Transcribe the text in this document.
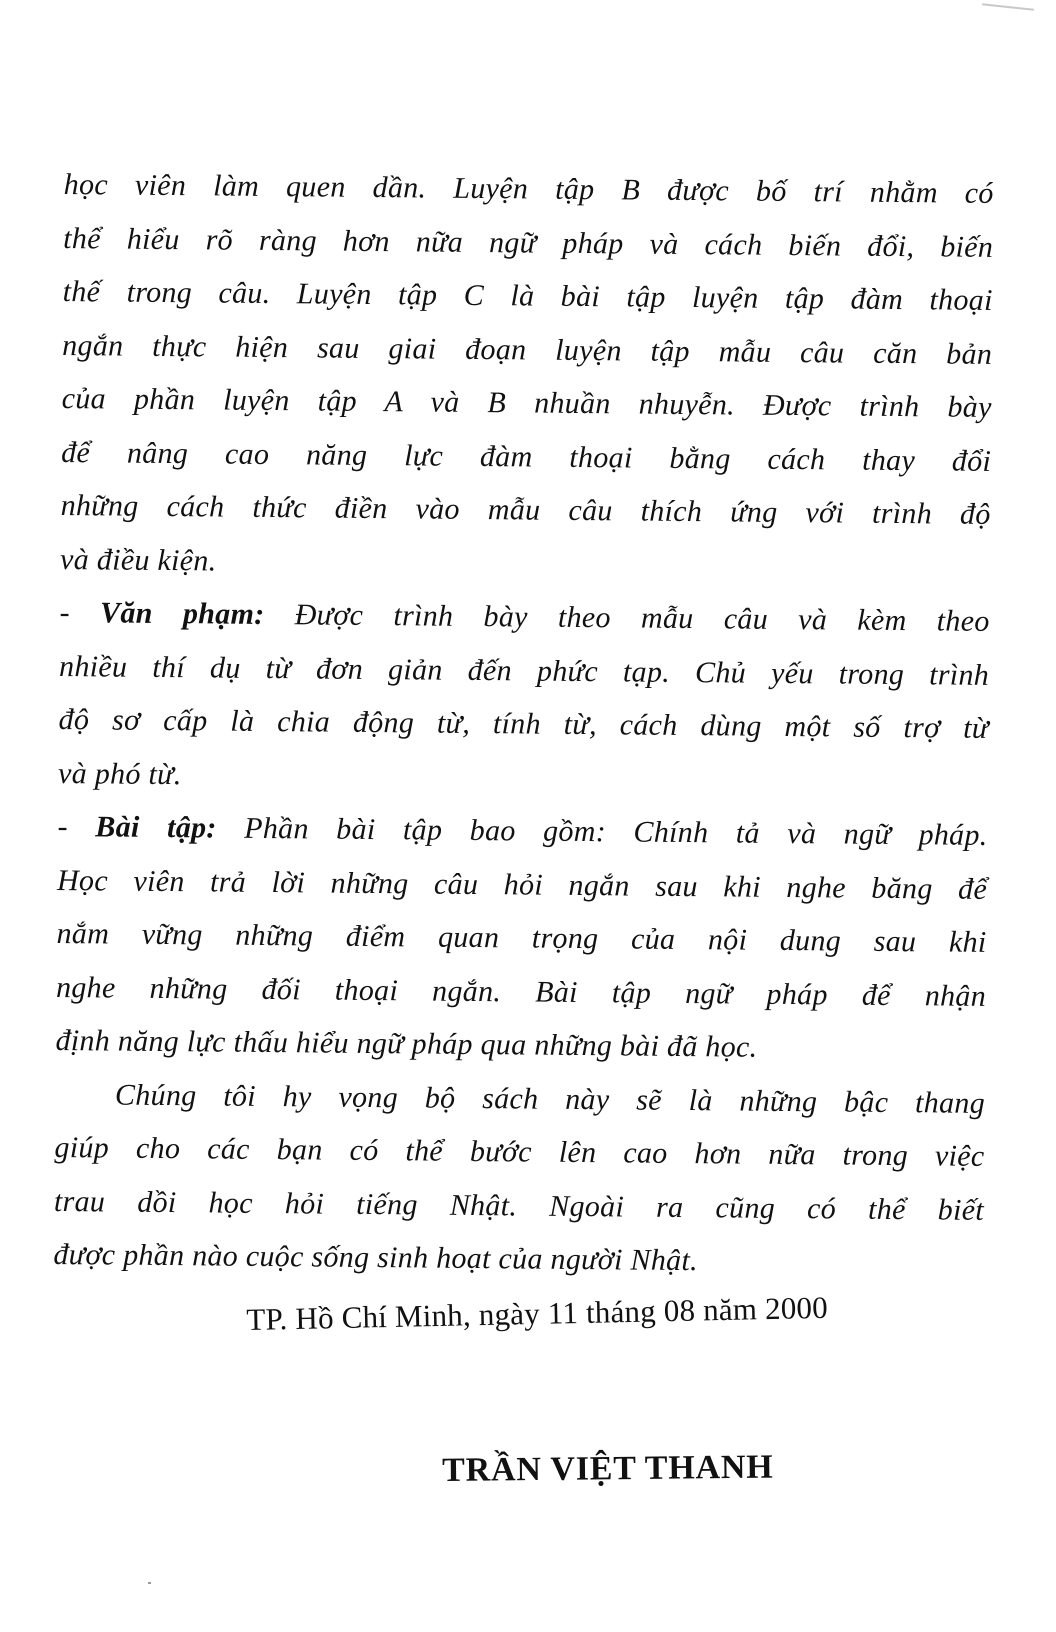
học viên làm quen dần. Luyện tập B được bố trí nhằm có
thể hiểu rõ ràng hơn nữa ngữ pháp và cách biến đổi, biến
thế trong câu. Luyện tập C là bài tập luyện tập đàm thoại
ngắn thực hiện sau giai đoạn luyện tập mẫu câu căn bản
của phần luyện tập A và B nhuần nhuyễn. Được trình bày
để nâng cao năng lực đàm thoại bằng cách thay đổi
những cách thức điền vào mẫu câu thích ứng với trình độ
và điều kiện.
- Văn phạm: Được trình bày theo mẫu câu và kèm theo
nhiều thí dụ từ đơn giản đến phức tạp. Chủ yếu trong trình
độ sơ cấp là chia động từ, tính từ, cách dùng một số trợ từ
và phó từ.
- Bài tập: Phần bài tập bao gồm: Chính tả và ngữ pháp.
Học viên trả lời những câu hỏi ngắn sau khi nghe băng để
nắm vững những điểm quan trọng của nội dung sau khi
nghe những đối thoại ngắn. Bài tập ngữ pháp để nhận
định năng lực thấu hiểu ngữ pháp qua những bài đã học.
Chúng tôi hy vọng bộ sách này sẽ là những bậc thang
giúp cho các bạn có thể bước lên cao hơn nữa trong việc
trau dồi học hỏi tiếng Nhật. Ngoài ra cũng có thể biết
được phần nào cuộc sống sinh hoạt của người Nhật.
TP. Hồ Chí Minh, ngày 11 tháng 08 năm 2000
TRẦN VIỆT THANH
